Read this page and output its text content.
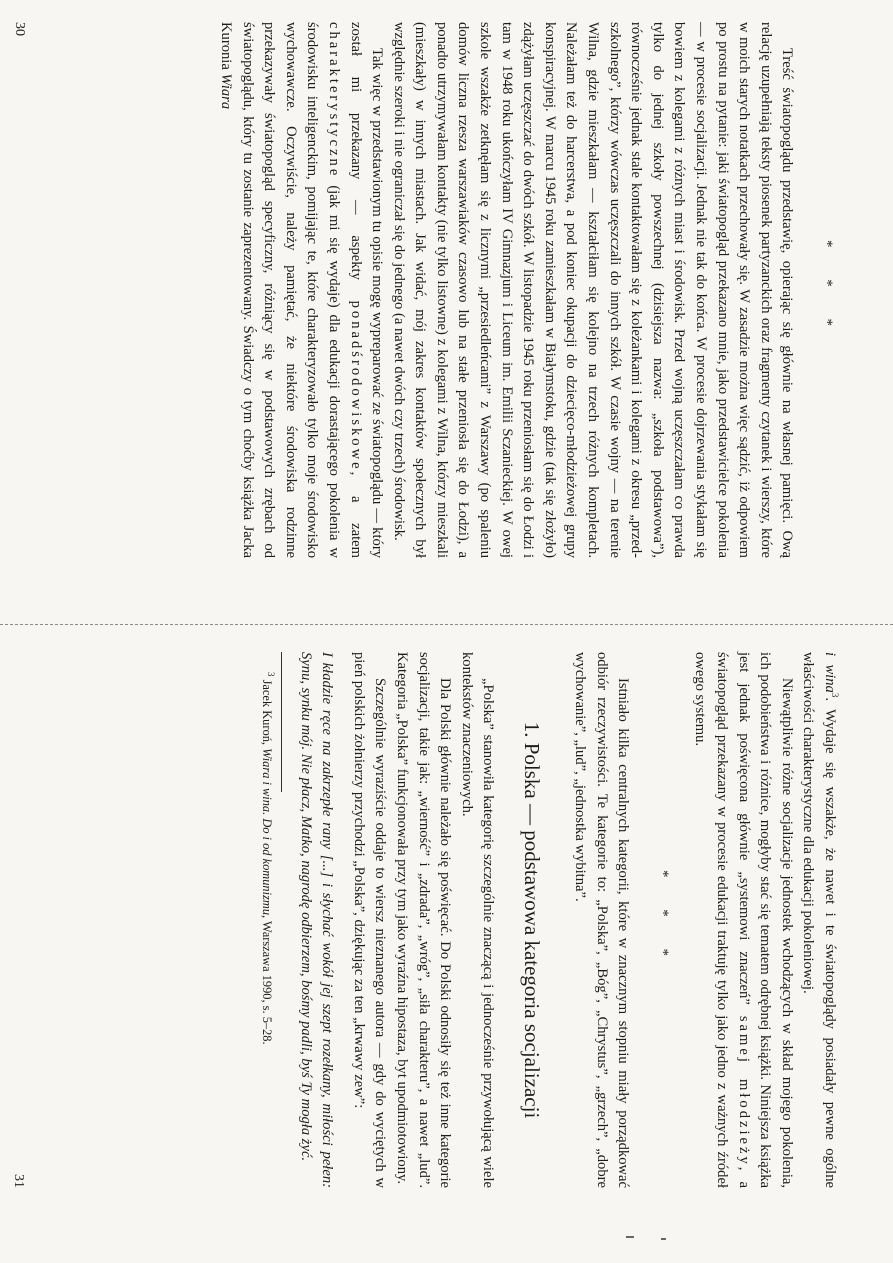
* * *

Treść światopoglądu przedstawię, opierając się głównie na własnej pamięci. Ową relację uzupełniają teksty piosenek partyzanckich oraz fragmenty czytanek i wierszy, które w moich starych notatkach przechowały się. W zasadzie można więc sądzić, iż odpowiem po prostu na pytanie: jaki światopogląd przekazano mnie, jako przedstawicielce pokolenia — w procesie socjalizacji. Jednak nie tak do końca. W procesie dojrzewania stykałam się bowiem z kolegami z różnych miast i środowisk. Przed wojną uczęszczałam co prawda tylko do jednej szkoły powszechnej (dzisiejsza nazwa: „szkoła podstawowa”), równocześnie jednak stale kontaktowałam się z koleżankami i kolegami z okresu „przed-szkolnego”, którzy wówczas uczęszczali do innych szkół. W czasie wojny — na terenie Wilna, gdzie mieszkałam — kształciłam się kolejno na trzech różnych kompletach. Należałam też do harcerstwa, a pod koniec okupacji do dziecięco-młodzieżowej grupy konspiracyjnej. W marcu 1945 roku zamieszkałam w Białymstoku, gdzie (tak się złożyło) zdążyłam uczęszczać do dwóch szkół. W listopadzie 1945 roku przeniosłam się do Łodzi i tam w 1948 roku ukończyłam IV Gimnazjum i Liceum im. Emilii Sczanieckiej. W owej szkole wszakże zetknęłam się z licznymi „przesiedleńcami” z Warszawy (po spaleniu domów liczna rzesza warszawiaków czasowo lub na stałe przeniosła się do Łodzi), a ponadto utrzymywałam kontakty (nie tylko listowne) z kolegami z Wilna, którzy mieszkali (mieszkały) w innych miastach. Jak widać, mój zakres kontaktów społecznych był względnie szeroki i nie ograniczał się do jednego (a nawet dwóch czy trzech) środowisk.

Tak więc w przedstawionym tu opisie mogę wypreparować ze światopoglądu — który został mi przekazany — aspekty ponadśrodowiskowe, a zatem charakterystyczne (jak mi się wydaje) dla edukacji dorastającego pokolenia w środowisku inteligenckim, pomijając te, które charakteryzowało tylko moje środowisko wychowawcze. Oczywiście, należy pamiętać, że niektóre środowiska rodzinne przekazywały światopogląd specyficzny, różniący się w podstawowych zrębach od światopoglądu, który tu zostanie zaprezentowany. Świadczy o tym choćby książka Jacka Kuronia Wiara

30

i wina$^3$. Wydaje się wszakże, że nawet i te światopoglądy posiadały pewne ogólne właściwości charakterystyczne dla edukacji pokoleniowej.

Niewątpliwie różne socjalizacje jednostek wchodzących w skład mojego pokolenia, ich podobieństwa i różnice, mogłyby stać się tematem odrębnej książki. Niniejsza książka jest jednak poświęcona głównie „systemowi znaczeń” samej młodzieży, a światopogląd przekazany w procesie edukacji traktuję tylko jako jedno z ważnych źródeł owego systemu.

* * *

Istniało kilka centralnych kategorii, które w znacznym stopniu miały porządkować odbiór rzeczywistości. Te kategorie to: „Polska”, „Bóg”, „Chrystus”, „grzech”, „dobre wychowanie”, „lud”, „jednostka wybitna”.

1. Polska — podstawowa kategoria socjalizacji

„Polska” stanowiła kategorię szczególnie znaczącą i jednocześnie przywołującą wiele kontekstów znaczeniowych.

Dla Polski głównie należało się poświęcać. Do Polski odnosiły się też inne kategorie socjalizacji, takie jak: „wierność” i „zdrada”, „wróg”, „siła charakteru”, a nawet „lud”. Kategoria „Polska” funkcjonowała przy tym jako wyraźna hipostaza, byt upodmiotowiony.

Szczególnie wyraziście oddaje to wiersz nieznanego autora — gdy do wyciętych w pień polskich żołnierzy przychodzi „Polska”, dziękując za ten „krwawy zew”:

I kładzie ręce na zakrzepłe rany [...] i słychać wokół jej szept rozełkany, miłości pełen: Synu, synku mój. Nie płacz, Matko, nagrodę odbierzem, bośmy padli, byś Ty mogła żyć.

$^3$ Jacek Kuroń, Wiara i wina. Do i od komunizmu, Warszawa 1990, s. 5–28.

31
